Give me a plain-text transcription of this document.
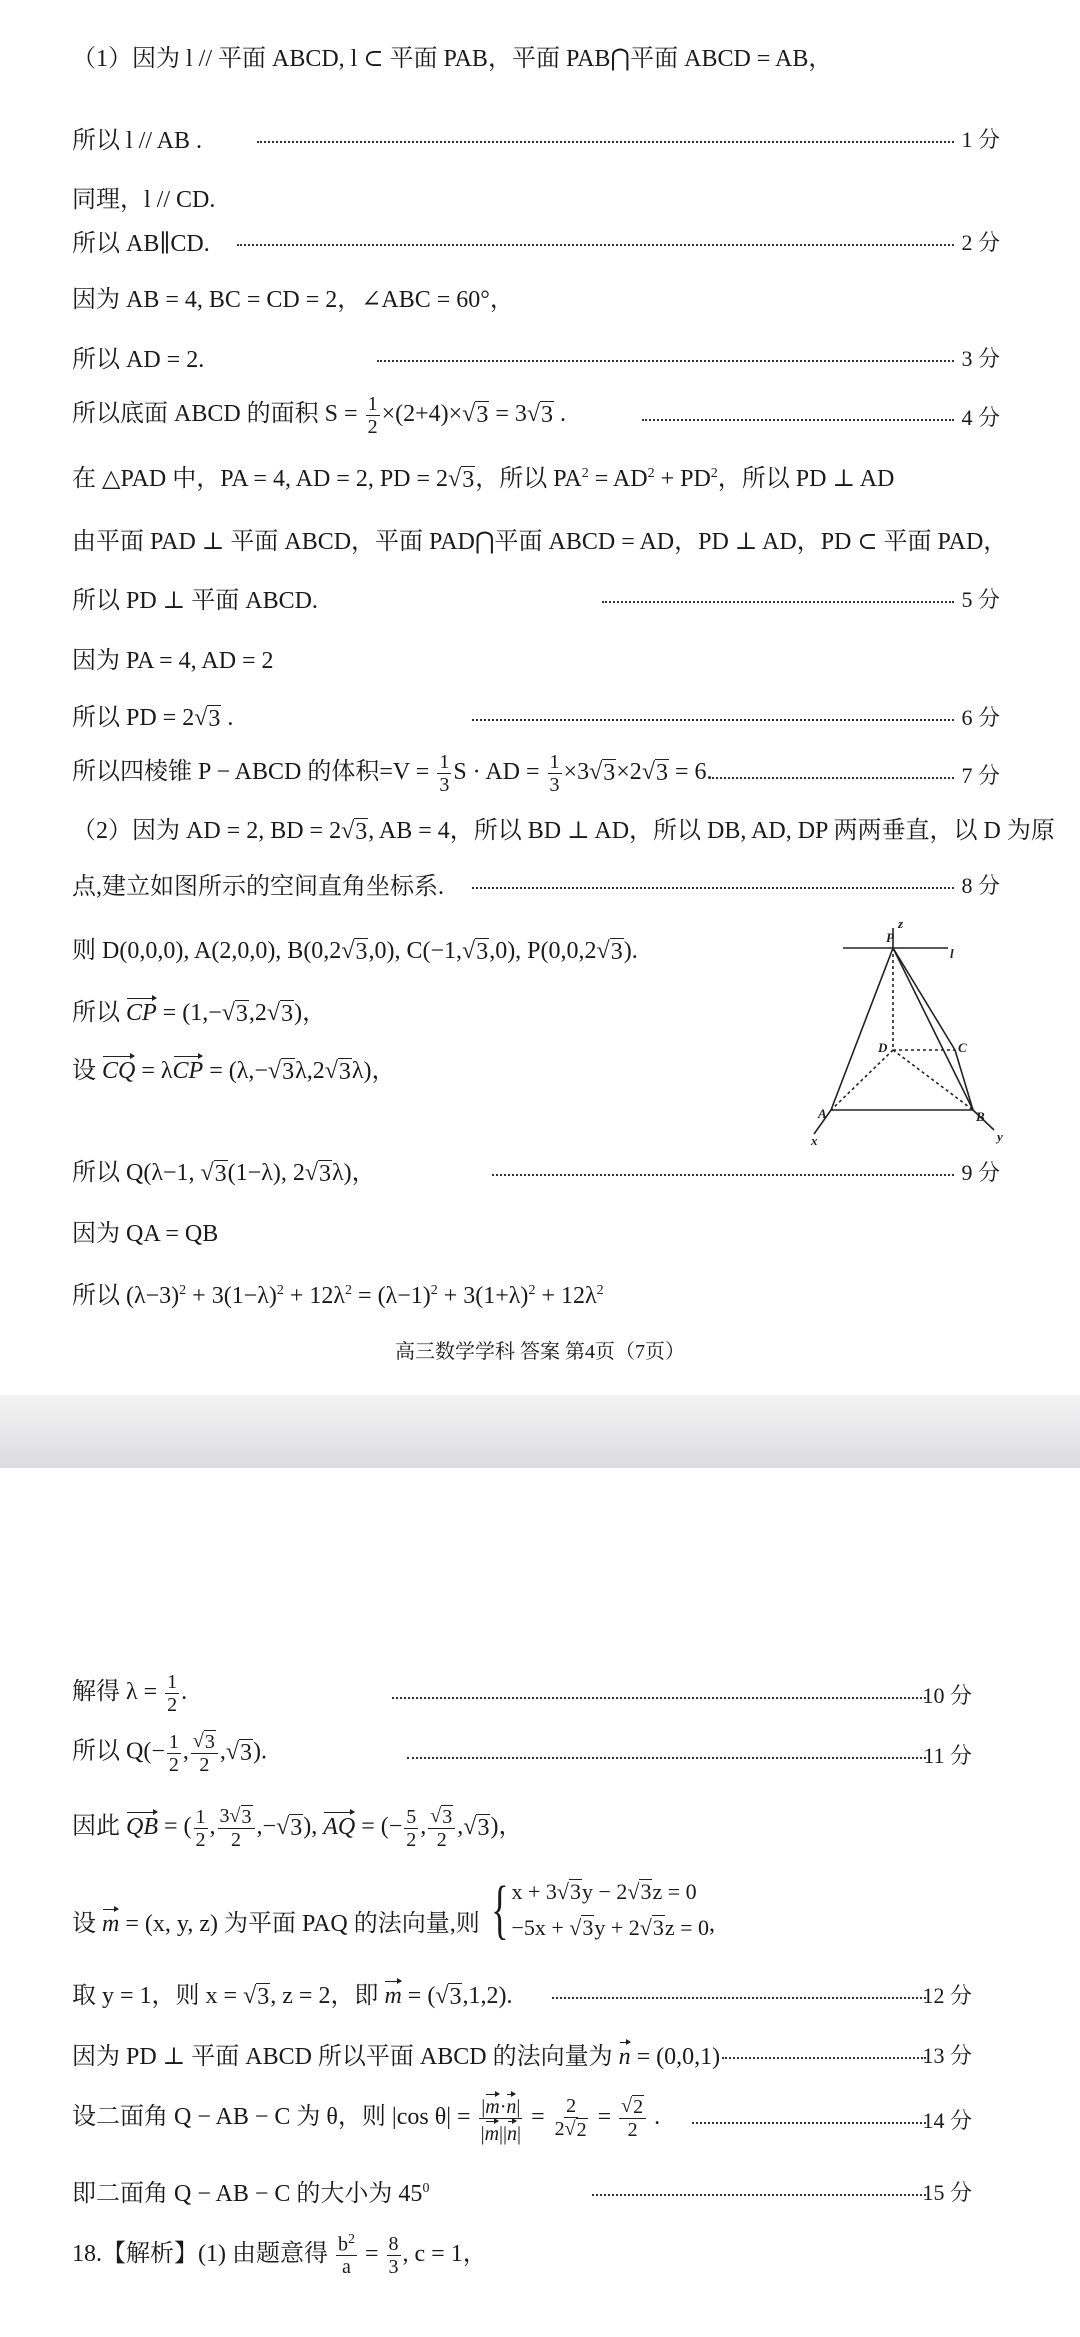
高三数学学科 答案 第4页（7页）
P
z
l
D	C
A	B
x	y
（1）因为 l // 平面 ABCD, l ⊂ 平面 PAB，平面 PAB⋂平面 ABCD = AB，
所以 l // AB .	1 分
同理，l // CD.
所以 AB∥CD.	2 分
因为 AB = 4, BC = CD = 2，∠ABC = 60°，
所以 AD = 2.	3 分
所以底面 ABCD 的面积 $S = \frac{1}{2} \times(2+4)\times$ √ 3 = 3 √ 3 .	4 分
在 △PAD 中，PA = 4, AD = 2, PD = 2 √ 3 ，所以 $PA^2 = AD^2 + PD^2$，所以 PD ⊥ AD
由平面 PAD ⊥ 平面 ABCD，平面 PAD⋂平面 ABCD = AD，PD ⊥ AD，PD ⊂ 平面 PAD，
所以 PD ⊥ 平面 ABCD.	5 分
因为 PA = 4, AD = 2
所以 PD = 2 √ 3 .	6 分
所以四棱锥 P − ABCD 的体积$=V = \frac{1}{3}$ S · AD = $\frac{1}{3} \times 3$ √ 3 ×2 √ 3 = 6.	7 分
（2）因为 AD = 2, BD = 2 √ 3 , AB = 4，所以 BD ⊥ AD，所以 DB, AD, DP 两两垂直，以 D 为原
点,建立如图所示的空间直角坐标系.	8 分
则 D(0,0,0), A(2,0,0), B(0,2 √ 3 ,0), C(−1, √ 3 ,0), P(0,0,2 √ 3 ).
所以 CP = (1,− √ 3 ,2 √ 3 )，
设 CQ = λCP = (λ,− √ 3 λ,2 √ 3 λ)，
所以 Q(λ−1, √ 3 (1−λ), 2 √ 3 λ)，	9 分
因为 QA = QB
所以 $(\lambda-3)^2 + 3(1-\lambda)^2 + 12\lambda^2 = (\lambda-1)^2 + 3(1+\lambda)^2 + 12\lambda^2$
解得 $\lambda = \frac{1}{2}$ .	10 分
所以 $Q(- \frac{1}{2}$ , $\frac{√ 3}{2}$ , √ 3 ).	11 分
因此 QB = ( $\frac{1}{2}$ , $\frac{3 √ 3}{2}$ ,− √ 3 ), AQ = (− $\frac{5}{2}$ , $\frac{√ 3}{2}$ , √ 3 )，
设 m = (x, y, z) 为平面 PAQ 的法向量,则 { x + 3 √ 3 y − 2 √ 3 z = 0
−5x + √ 3 y + 2 √ 3 z = 0 ,
取 y = 1，则 x = √ 3 , z = 2，即 m = ( √ 3 ,1,2).	12 分
因为 PD ⊥ 平面 ABCD 所以平面 ABCD 的法向量为 n = (0,0,1)	13 分
设二面角 Q − AB − C 为 θ，则 |cos $\theta| = \frac{|m\cdot n|}{|m||n|} = \frac{2}{2 √ 2} = \frac{√ 2}{2}$ .	14 分
即二面角 Q − AB − C 的大小为 $45^0$	15 分
18.【解析】(1) 由题意得 $\frac{b^2}{a} = \frac{8}{3}$ , c = 1，
